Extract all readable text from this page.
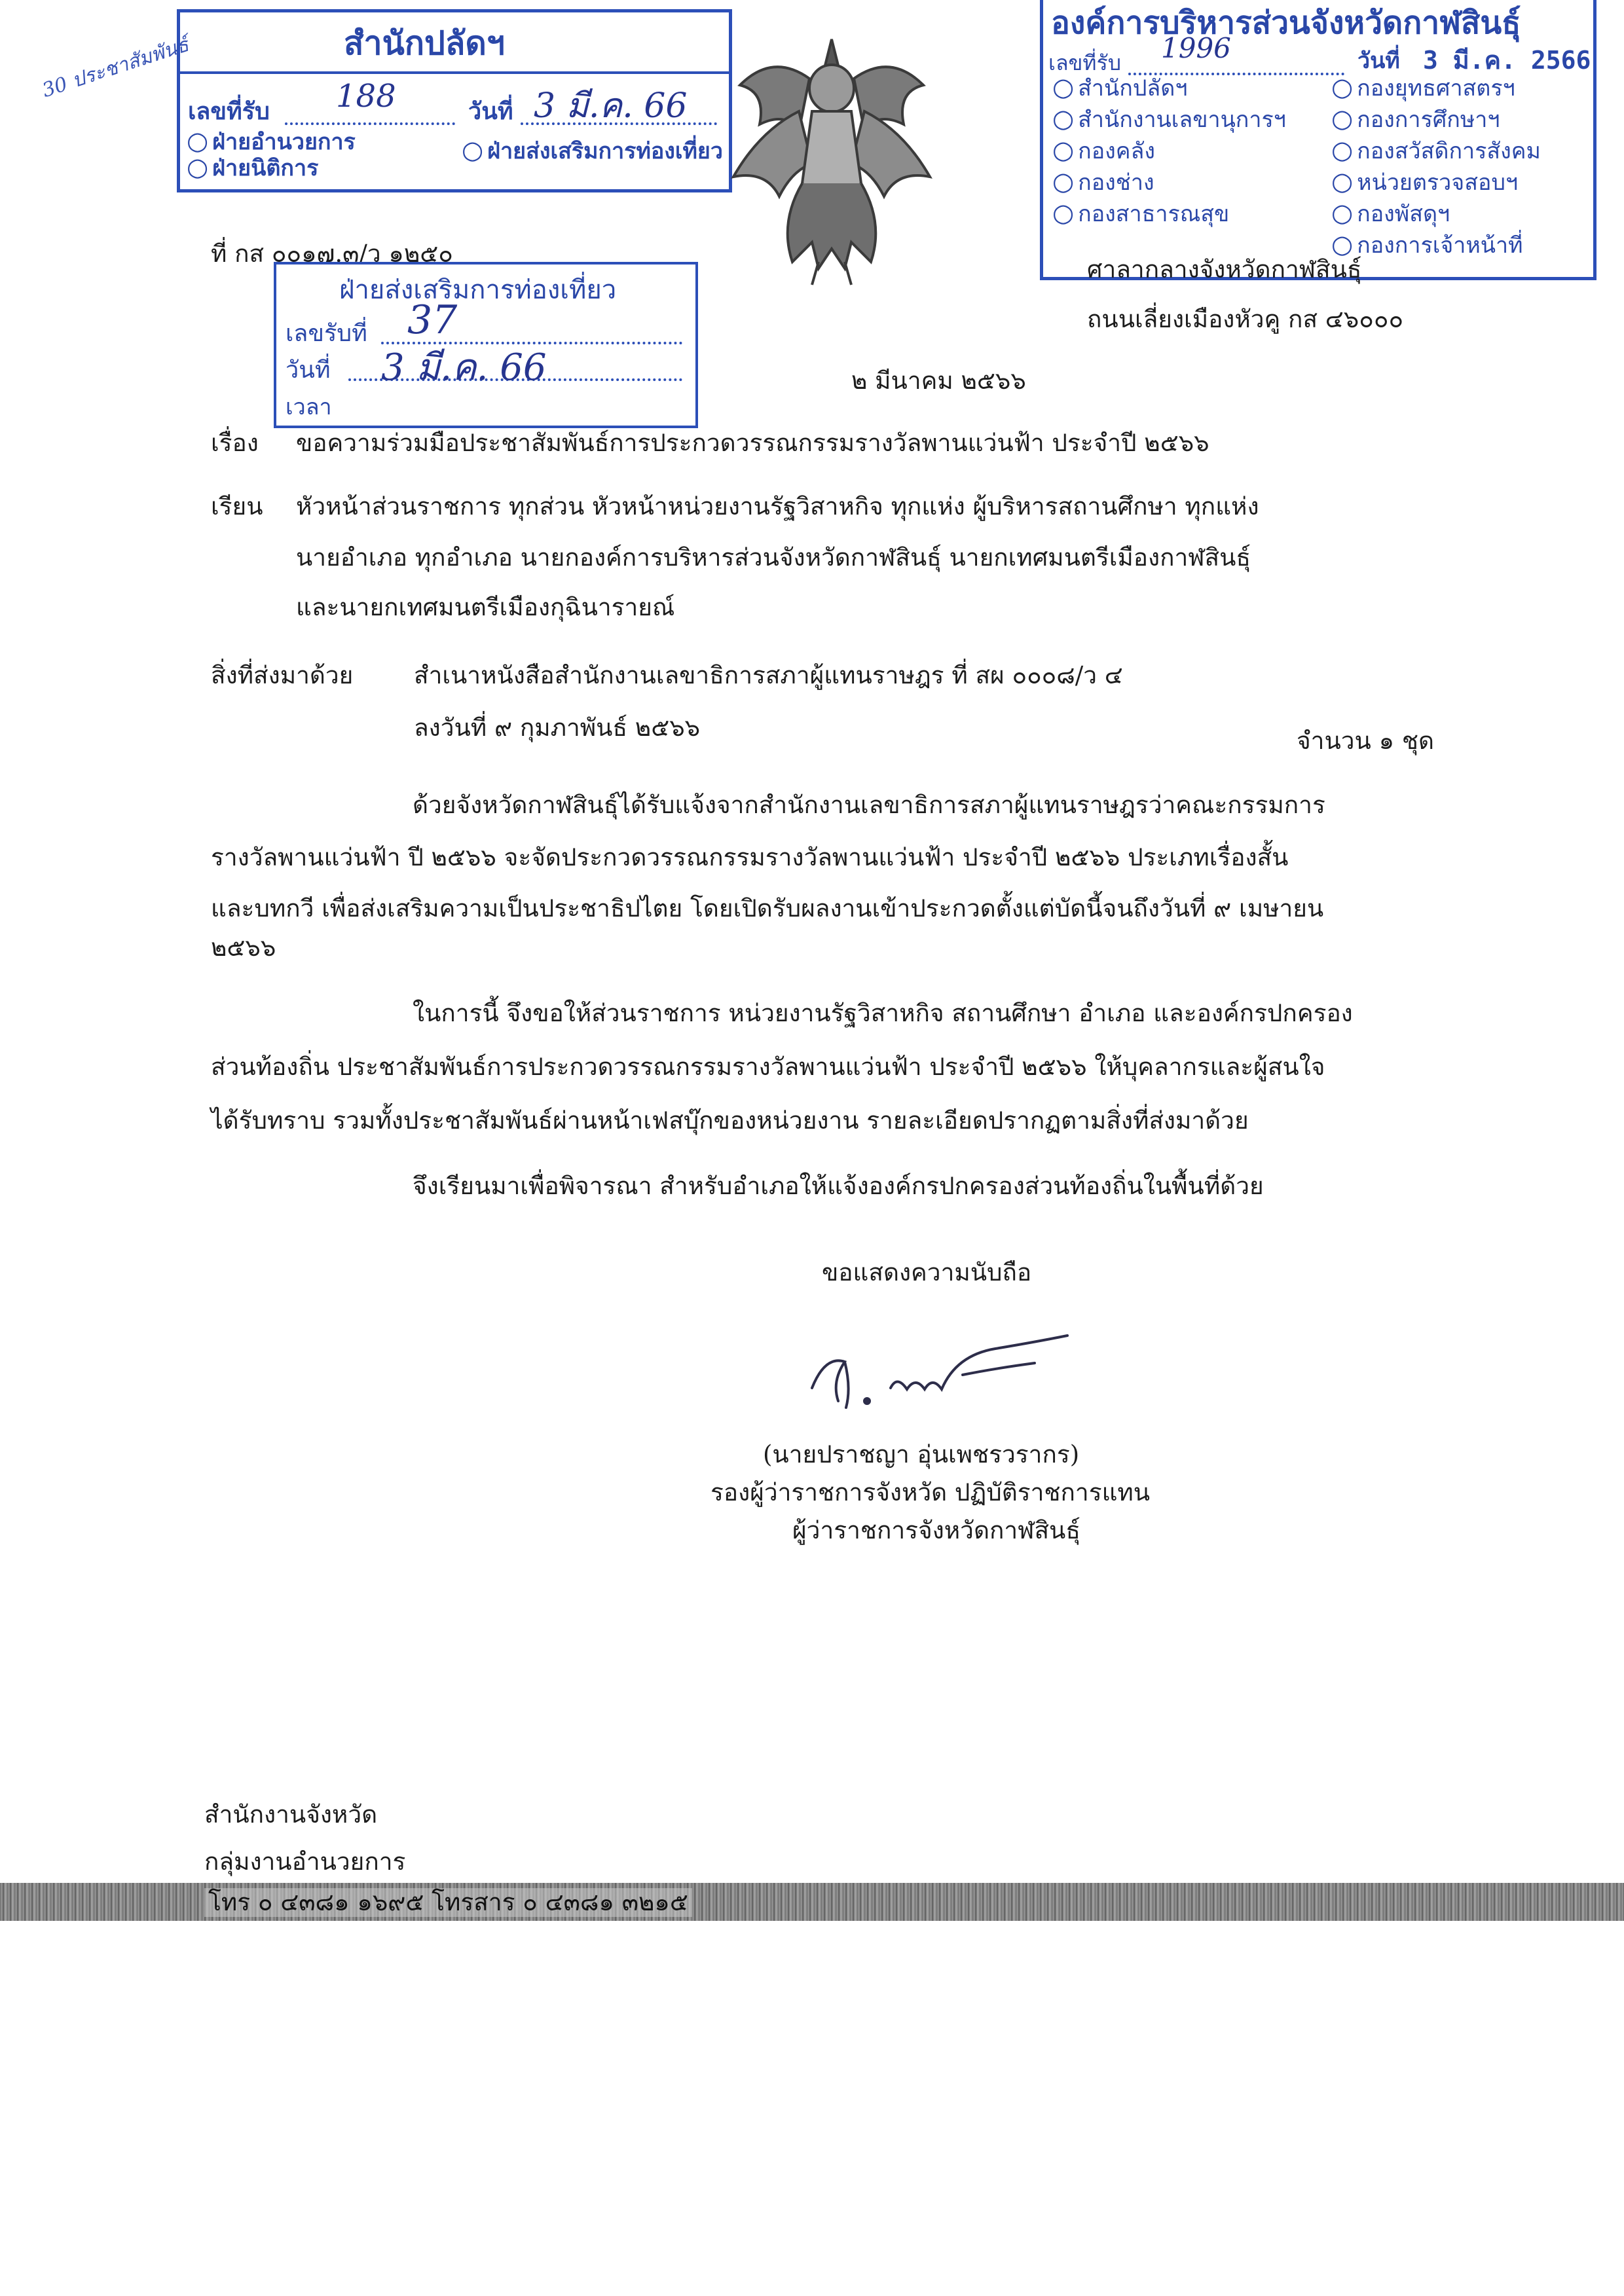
30 ประชาสัมพันธ์	สำนักปลัดฯ
เลขที่รับ 188	วันที่ 3 มี.ค. 66
○ ฝ่ายอำนวยการ
○ ฝ่ายนิติการ
○ ฝ่ายส่งเสริมการท่องเที่ยว
องค์การบริหารส่วนจังหวัดกาฬสินธุ์
เลขที่รับ 1996	วันที่ 3 มี.ค. 2566
○ สำนักปลัดฯ
○ สำนักงานเลขานุการฯ
○ กองคลัง
○ กองช่าง
○ กองสาธารณสุข
○ กองยุทธศาสตรฯ
○ กองการศึกษาฯ
○ กองสวัสดิการสังคม
○ หน่วยตรวจสอบฯ
○ กองพัสดุฯ
○ กองการเจ้าหน้าที่
ที่ กส ๐๐๑๗.๓/ว ๑๒๕๐
ศาลากลางจังหวัดกาฬสินธุ์
ถนนเลี่ยงเมืองหัวคู กส ๔๖๐๐๐
ฝ่ายส่งเสริมการท่องเที่ยว
เลขรับที่ 37
วันที่ 3 มี.ค. 66
เวลา
๒ มีนาคม ๒๕๖๖
เรื่อง ขอความร่วมมือประชาสัมพันธ์การประกวดวรรณกรรมรางวัลพานแว่นฟ้า ประจำปี ๒๕๖๖
เรียน หัวหน้าส่วนราชการ ทุกส่วน หัวหน้าหน่วยงานรัฐวิสาหกิจ ทุกแห่ง ผู้บริหารสถานศึกษา ทุกแห่ง
นายอำเภอ ทุกอำเภอ นายกองค์การบริหารส่วนจังหวัดกาฬสินธุ์ นายกเทศมนตรีเมืองกาฬสินธุ์
และนายกเทศมนตรีเมืองกุฉินารายณ์
สิ่งที่ส่งมาด้วย	สำเนาหนังสือสำนักงานเลขาธิการสภาผู้แทนราษฎร ที่ สผ ๐๐๐๘/ว ๔
ลงวันที่ ๙ กุมภาพันธ์ ๒๕๖๖	จำนวน ๑ ชุด
ด้วยจังหวัดกาฬสินธุ์ได้รับแจ้งจากสำนักงานเลขาธิการสภาผู้แทนราษฎรว่าคณะกรรมการ
รางวัลพานแว่นฟ้า ปี ๒๕๖๖ จะจัดประกวดวรรณกรรมรางวัลพานแว่นฟ้า ประจำปี ๒๕๖๖ ประเภทเรื่องสั้น
และบทกวี เพื่อส่งเสริมความเป็นประชาธิปไตย โดยเปิดรับผลงานเข้าประกวดตั้งแต่บัดนี้จนถึงวันที่ ๙ เมษายน
๒๕๖๖
ในการนี้ จึงขอให้ส่วนราชการ หน่วยงานรัฐวิสาหกิจ สถานศึกษา อำเภอ และองค์กรปกครอง
ส่วนท้องถิ่น ประชาสัมพันธ์การประกวดวรรณกรรมรางวัลพานแว่นฟ้า ประจำปี ๒๕๖๖ ให้บุคลากรและผู้สนใจ
ได้รับทราบ รวมทั้งประชาสัมพันธ์ผ่านหน้าเฟสบุ๊กของหน่วยงาน รายละเอียดปรากฏตามสิ่งที่ส่งมาด้วย
จึงเรียนมาเพื่อพิจารณา สำหรับอำเภอให้แจ้งองค์กรปกครองส่วนท้องถิ่นในพื้นที่ด้วย
ขอแสดงความนับถือ
(นายปราชญา อุ่นเพชรวรากร)
รองผู้ว่าราชการจังหวัด ปฏิบัติราชการแทน
ผู้ว่าราชการจังหวัดกาฬสินธุ์
สำนักงานจังหวัด
กลุ่มงานอำนวยการ
โทร ๐ ๔๓๘๑ ๑๖๙๕ โทรสาร ๐ ๔๓๘๑ ๓๒๑๕
